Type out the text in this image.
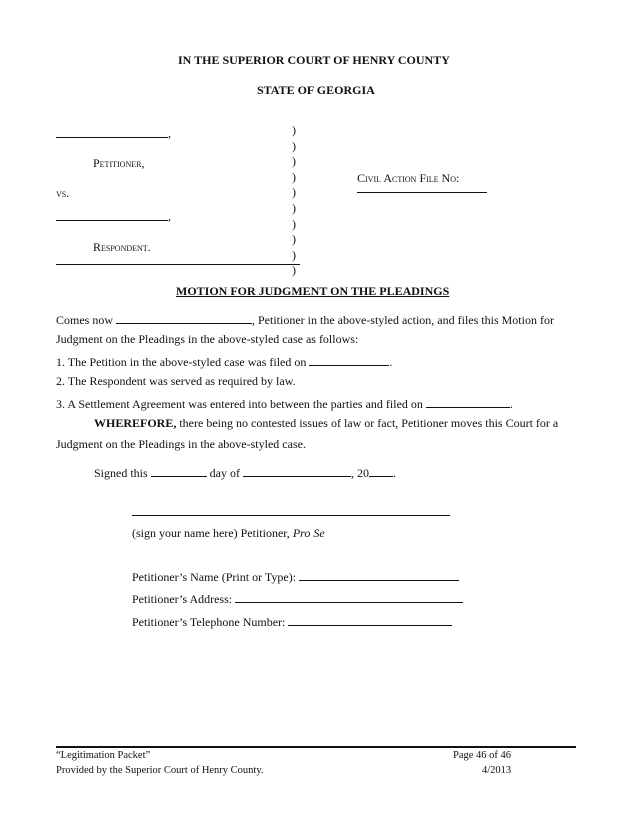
IN THE SUPERIOR COURT OF HENRY COUNTY
STATE OF GEORGIA
,
Petitioner,
vs.
,
Respondent.
)
)
)
)
)
)
)
)
)
)
Civil Action File No:
MOTION FOR JUDGMENT ON THE PLEADINGS
Comes now	, Petitioner in the above-styled action, and files this Motion for
Judgment on the Pleadings in the above-styled case as follows:
1. The Petition in the above-styled case was filed on	.
2. The Respondent was served as required by law.
3. A Settlement Agreement was entered into between the parties and filed on	.
WHEREFORE, there being no contested issues of law or fact, Petitioner moves this Court for a
Judgment on the Pleadings in the above-styled case.
Signed this	day of	, 20 .
(sign your name here) Petitioner, Pro Se
Petitioner’s Name (Print or Type):
Petitioner’s Address:
Petitioner’s Telephone Number:
“Legitimation Packet”
Provided by the Superior Court of Henry County.
Page 46 of 46
4/2013
